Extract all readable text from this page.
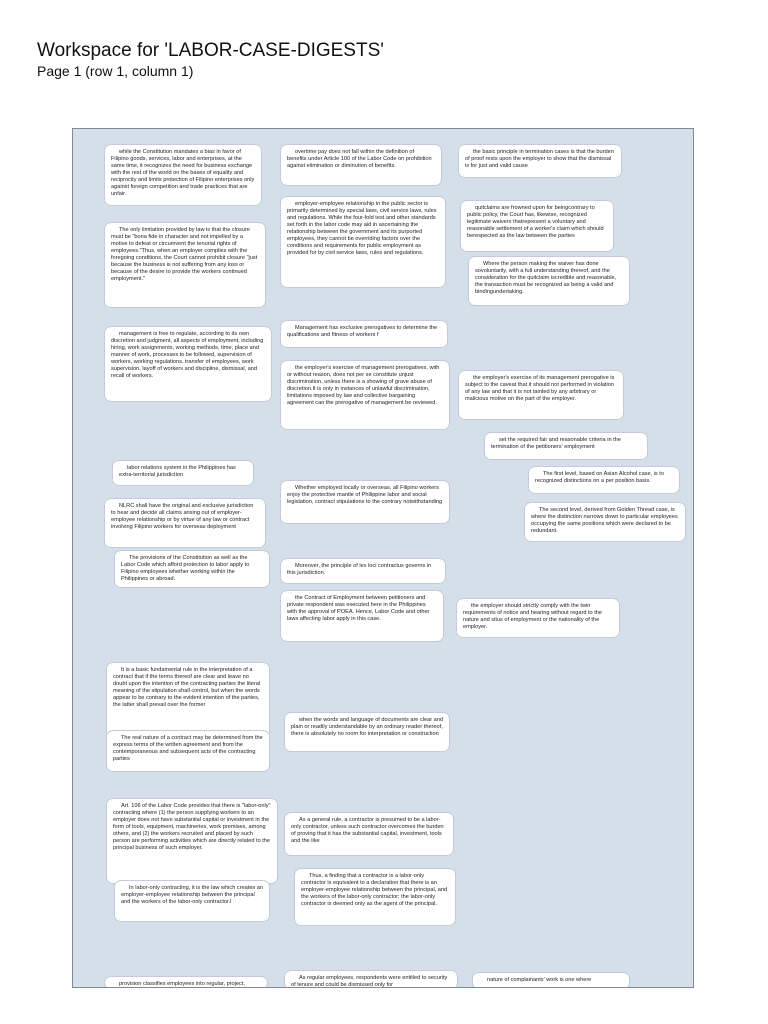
Workspace for 'LABOR-CASE-DIGESTS'
Page 1 (row 1, column 1)
while the Constitution mandates a bias in favor of Filipino goods, services, labor and enterprises, at the same time, it recognizes the need for business exchange with the rest of the world on the bases of equality and reciprocity and limits protection of Filipino enterprises only against foreign competition and trade practices that are unfair.
overtime pay does not fall within the definition of benefits under Article 100 of the Labor Code on prohibition against elimination or diminution of benefits.
the basic principle in termination cases is that the burden of proof rests upon the employer to show that the dismissal is for just and valid cause
employer-employee relationship in the public sector is primarily determined by special laws, civil service laws, rules and regulations. While the four-fold test and other standards set forth in the labor code may aid in ascertaining the relationship between the government and its purported employees, they cannot be overriding factors over the conditions and requirements for public employment as provided for by civil service laws, rules and regulations.
quitclaims are frowned upon for beingcontrary to public policy, the Court has, likewise, recognized legitimate waivers thatrepresent a voluntary and reasonable settlement of a worker's claim which should berespected as the law between the parties
The only limitation provided by law is that the closure must be "bona fide in character and not impelled by a motive to defeat or circumvent the tenurial rights of employees."Thus, when an employer complies with the foregoing conditions, the Court cannot prohibit closure "just because the business is not suffering from any loss or because of the desire to provide the workers continued employment."
Where the person making the waiver has done sovoluntarily, with a full understanding thereof, and the consideration for the quitclaim iscredible and reasonable, the transaction must be recognized as being a valid and bindingundertaking.
Management has exclusive prerogatives to determine the qualifications and fitness of workers f
management is free to regulate, according to its own discretion and judgment, all aspects of employment, including hiring, work assignments, working methods, time, place and manner of work, processes to be followed, supervision of workers, working regulations, transfer of employees, work supervision, layoff of workers and discipline, dismissal, and recall of workers.
the employer's exercise of management prerogatives, with or without reason, does not per se constitute unjust discrimination, unless there is a showing of grave abuse of discretion.It is only in instances of unlawful discrimination, limitations imposed by law and collective bargaining agreement can the prerogative of management be reviewed.
the employer's exercise of its management prerogative is subject to the caveat that it should not performed in violation of any law and that it is not tainted by any arbitrary or malicious motive on the part of the employer.
set the required fair and reasonable criteria in the termination of the petitioners' employment
labor relations system in the Philippines has extra-territorial jurisdiction	The first level, based on Asian Alcohol case, is to recognized distinctions on a per position basis.
Whether employed locally or overseas, all Filipino workers enjoy the protective mantle of Philippine labor and social legislation, contract stipulations to the contrary notwithstanding
NLRC shall have the original and exclusive jurisdiction to hear and decide all claims arising out of employer-employee relationship or by virtue of any law or contract involving Filipino workers for overseas deployment
The second level, derived from Golden Thread case, is where the distinction narrows down to particular employees occupying the same positions which were declared to be redundant.
The provisions of the Constitution as well as the Labor Code which afford protection to labor apply to Filipino employees whether working within the Philippines or abroad.
Moreover, the principle of lex loci contractus governs in this jurisdiction.
the Contract of Employment between petitioners and private respondent was executed here in the Philippines with the approval of POEA. Hence, Labor Code and other laws affecting labor apply in this case.
the employer should strictly comply with the twin requirements of notice and hearing without regard to the nature and situs of employment or the nationality of the employer.
It is a basic fundamental rule in the interpretation of a contract that if the terms thereof are clear and leave no doubt upon the intention of the contracting parties the literal meaning of the stipulation shall control, but when the words appear to be contrary to the evident intention of the parties, the latter shall prevail over the former
when the words and language of documents are clear and plain or readily understandable by an ordinary reader thereof, there is absolutely no room for interpretation or construction
The real nature of a contract may be determined from the express terms of the written agreement and from the contemporaneous and subsequent acts of the contracting parties
Art. 106 of the Labor Code provides that there is "labor-only" contracting where (1) the person supplying workers to an employer does not have substantial capital or investment in the form of tools, equipment, machineries, work premises, among others, and (2) the workers recruited and placed by such person are performing activities which are directly related to the principal business of such employer.
As a general rule, a contractor is presumed to be a labor-only contractor, unless such contractor overcomes the burden of proving that it has the substantial capital, investment, tools and the like
In labor-only contracting, it is the law which creates an employer-employee relationship between the principal and the workers of the labor-only contractor.l
Thus, a finding that a contractor is a labor-only contractor is equivalent to a declaration that there is an employer-employee relationship between the principal, and the workers of the labor-only contractor; the labor-only contractor is deemed only as the agent of the principal.
provision classifies employees into regular, project,
As regular employees, respondents were entitled to security of tenure and could be dismissed only for
nature of complainants' work is one where
